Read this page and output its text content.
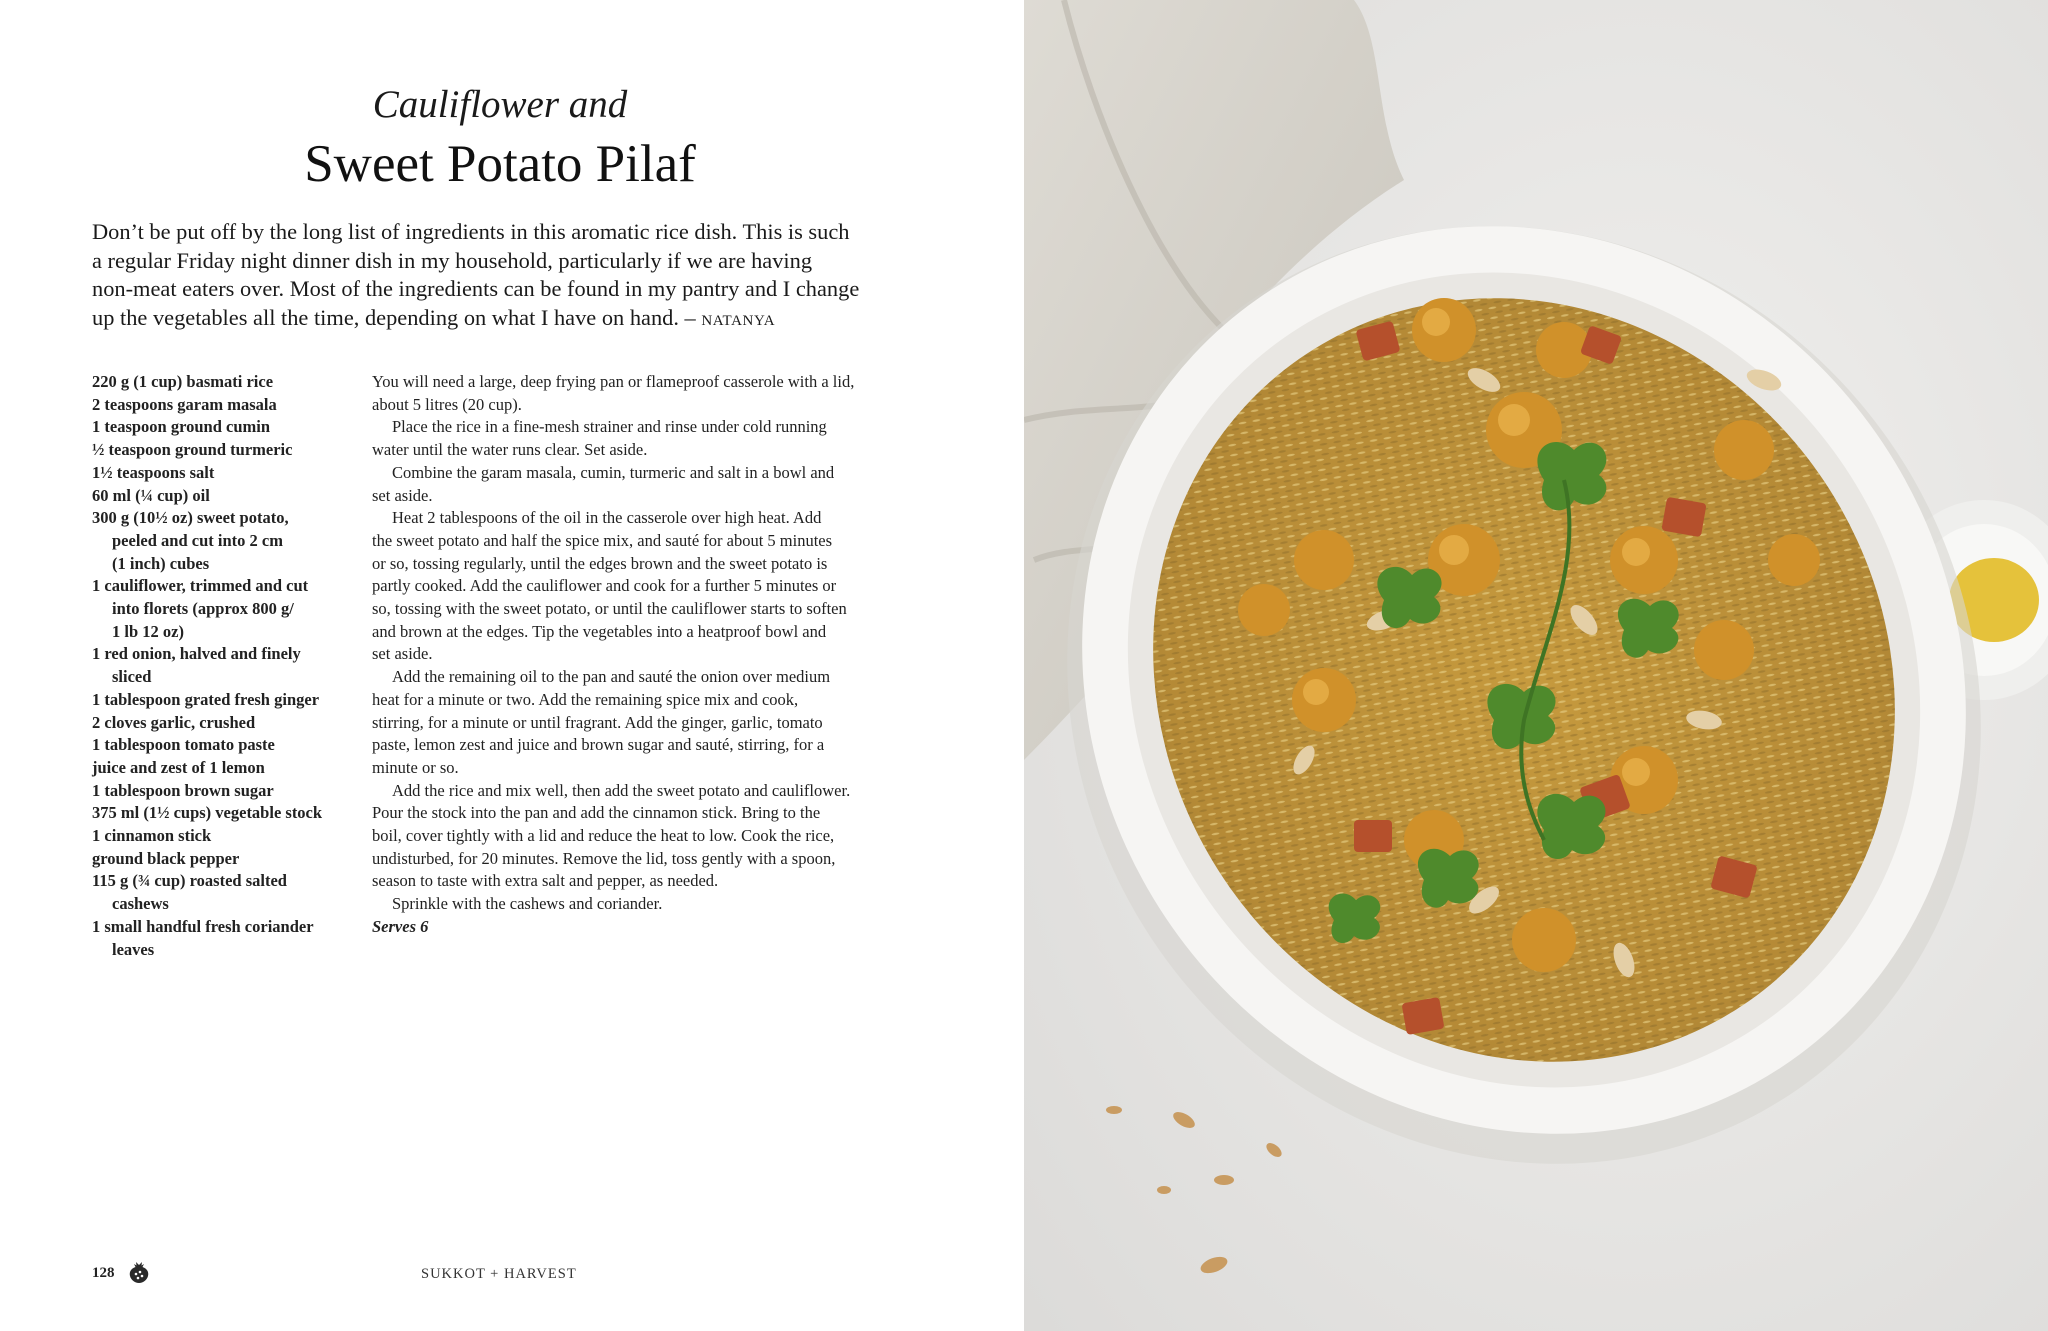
Cauliflower and
Sweet Potato Pilaf
Don’t be put off by the long list of ingredients in this aromatic rice dish. This is such
a regular Friday night dinner dish in my household, particularly if we are having
non-meat eaters over. Most of the ingredients can be found in my pantry and I change
up the vegetables all the time, depending on what I have on hand. – NATANYA
220 g (1 cup) basmati rice
2 teaspoons garam masala
1 teaspoon ground cumin
½ teaspoon ground turmeric
1½ teaspoons salt
60 ml (¼ cup) oil
300 g (10½ oz) sweet potato,
peeled and cut into 2 cm
(1 inch) cubes
1 cauliflower, trimmed and cut
into florets (approx 800 g/
1 lb 12 oz)
1 red onion, halved and finely
sliced
1 tablespoon grated fresh ginger
2 cloves garlic, crushed
1 tablespoon tomato paste
juice and zest of 1 lemon
1 tablespoon brown sugar
375 ml (1½ cups) vegetable stock
1 cinnamon stick
ground black pepper
115 g (¾ cup) roasted salted
cashews
1 small handful fresh coriander
leaves
You will need a large, deep frying pan or flameproof casserole with a lid,
about 5 litres (20 cup).
Place the rice in a fine-mesh strainer and rinse under cold running
water until the water runs clear. Set aside.
Combine the garam masala, cumin, turmeric and salt in a bowl and
set aside.
Heat 2 tablespoons of the oil in the casserole over high heat. Add
the sweet potato and half the spice mix, and sauté for about 5 minutes
or so, tossing regularly, until the edges brown and the sweet potato is
partly cooked. Add the cauliflower and cook for a further 5 minutes or
so, tossing with the sweet potato, or until the cauliflower starts to soften
and brown at the edges. Tip the vegetables into a heatproof bowl and
set aside.
Add the remaining oil to the pan and sauté the onion over medium
heat for a minute or two. Add the remaining spice mix and cook,
stirring, for a minute or until fragrant. Add the ginger, garlic, tomato
paste, lemon zest and juice and brown sugar and sauté, stirring, for a
minute or so.
Add the rice and mix well, then add the sweet potato and cauliflower.
Pour the stock into the pan and add the cinnamon stick. Bring to the
boil, cover tightly with a lid and reduce the heat to low. Cook the rice,
undisturbed, for 20 minutes. Remove the lid, toss gently with a spoon,
season to taste with extra salt and pepper, as needed.
Sprinkle with the cashews and coriander.
Serves 6
128	SUKKOT + HARVEST
